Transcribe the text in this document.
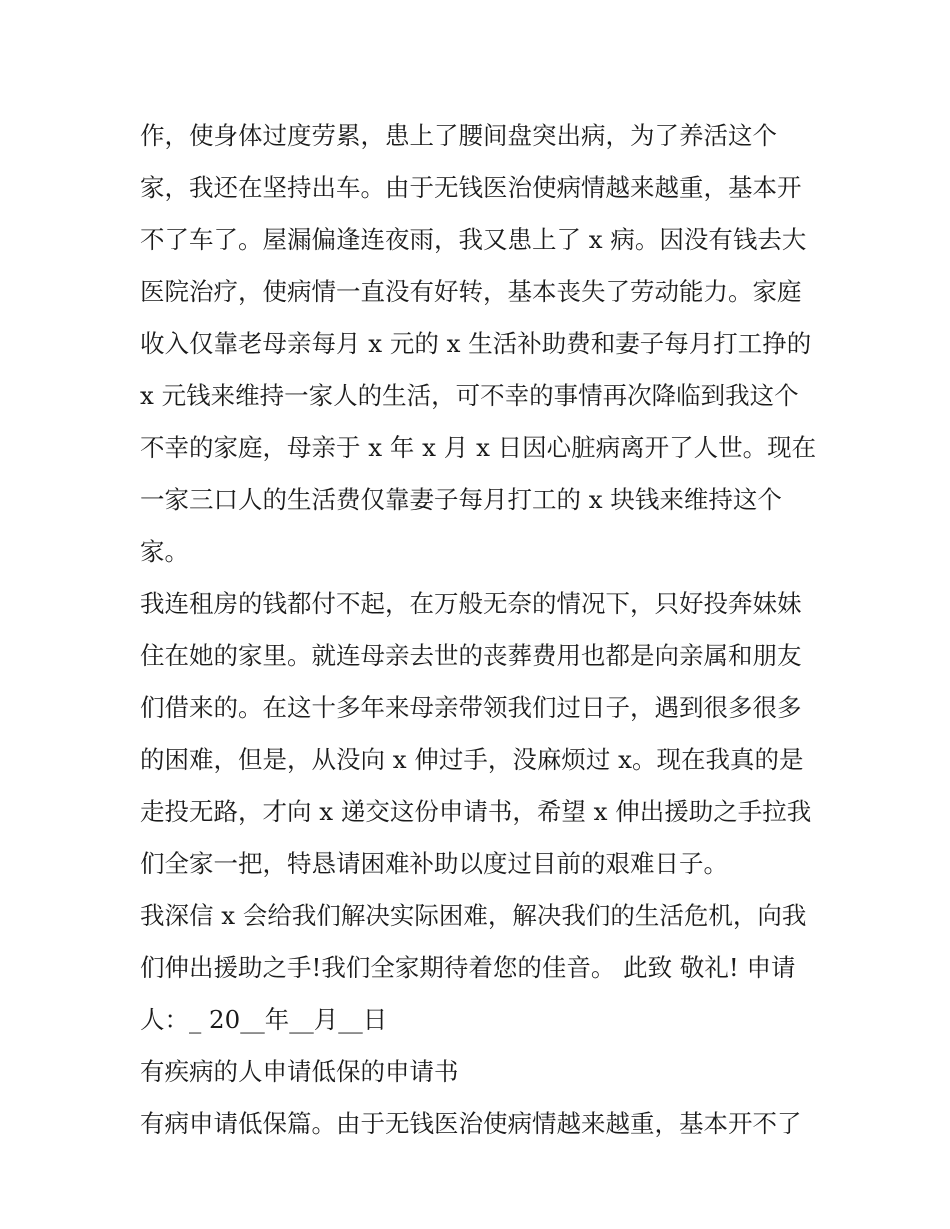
作，使身体过度劳累，患上了腰间盘突出病，为了养活这个
家，我还在坚持出车。由于无钱医治使病情越来越重，基本开
不了车了。屋漏偏逢连夜雨，我又患上了 x 病。因没有钱去大
医院治疗，使病情一直没有好转，基本丧失了劳动能力。家庭
收入仅靠老母亲每月 x 元的 x 生活补助费和妻子每月打工挣的
x 元钱来维持一家人的生活，可不幸的事情再次降临到我这个
不幸的家庭，母亲于 x 年 x 月 x 日因心脏病离开了人世。现在
一家三口人的生活费仅靠妻子每月打工的 x 块钱来维持这个
家。

我连租房的钱都付不起，在万般无奈的情况下，只好投奔妹妹
住在她的家里。就连母亲去世的丧葬费用也都是向亲属和朋友
们借来的。在这十多年来母亲带领我们过日子，遇到很多很多
的困难，但是，从没向 x 伸过手，没麻烦过 x。现在我真的是
走投无路，才向 x 递交这份申请书，希望 x 伸出援助之手拉我
们全家一把，特恳请困难补助以度过目前的艰难日子。

我深信 x 会给我们解决实际困难，解决我们的生活危机，向我
们伸出援助之手!我们全家期待着您的佳音。 此致 敬礼! 申请
人：_ 20__年__月__日

有疾病的人申请低保的申请书

有病申请低保篇。由于无钱医治使病情越来越重，基本开不了
